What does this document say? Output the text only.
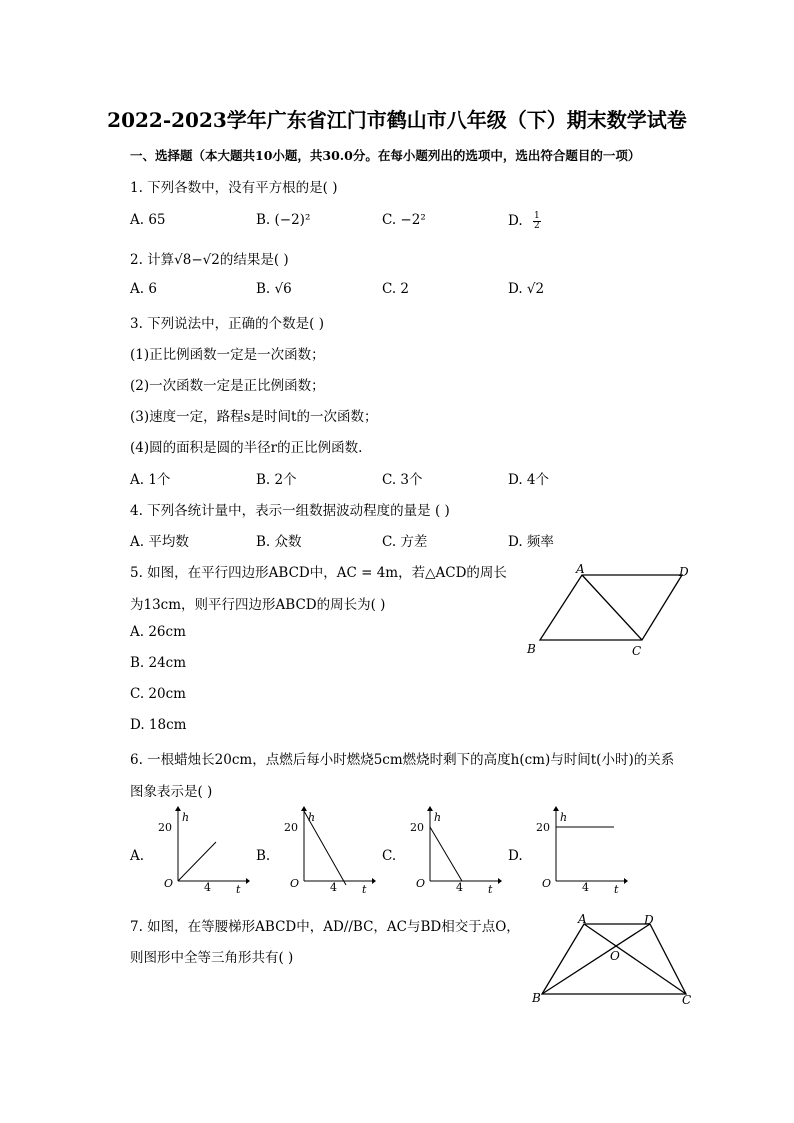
2022-2023学年广东省江门市鹤山市八年级（下）期末数学试卷
一、选择题（本大题共10小题，共30.0分。在每小题列出的选项中，选出符合题目的一项）
1. 下列各数中，没有平方根的是( )
A. 65	B. (−2)²	C. −2²	D. $\frac{1}{2}$
2. 计算√8−√2的结果是( )
A. 6	B. √6	C. 2	D. √2
3. 下列说法中，正确的个数是( )
(1)正比例函数一定是一次函数；
(2)一次函数一定是正比例函数；
(3)速度一定，路程s是时间t的一次函数；
(4)圆的面积是圆的半径r的正比例函数.
A. 1个	B. 2个	C. 3个	D. 4个
4. 下列各统计量中，表示一组数据波动程度的量是 ( )
A. 平均数	B. 众数	C. 方差	D. 频率
5. 如图，在平行四边形ABCD中，AC = 4m，若△ACD的周长
为13cm，则平行四边形ABCD的周长为( )
A. 26cm
B. 24cm
C. 20cm
D. 18cm
A	D
B	C
6. 一根蜡烛长20cm，点燃后每小时燃烧5cm燃烧时剩下的高度h(cm)与时间t(小时)的关系
图象表示是( )
A.	B.	C.	D.
h
20
O	4 t
h
20
O	4 t
h
20
O	4 t
h
20
O	4 t
7. 如图，在等腰梯形ABCD中，AD//BC，AC与BD相交于点O，
则图形中全等三角形共有( )
A	D
O
B	C
